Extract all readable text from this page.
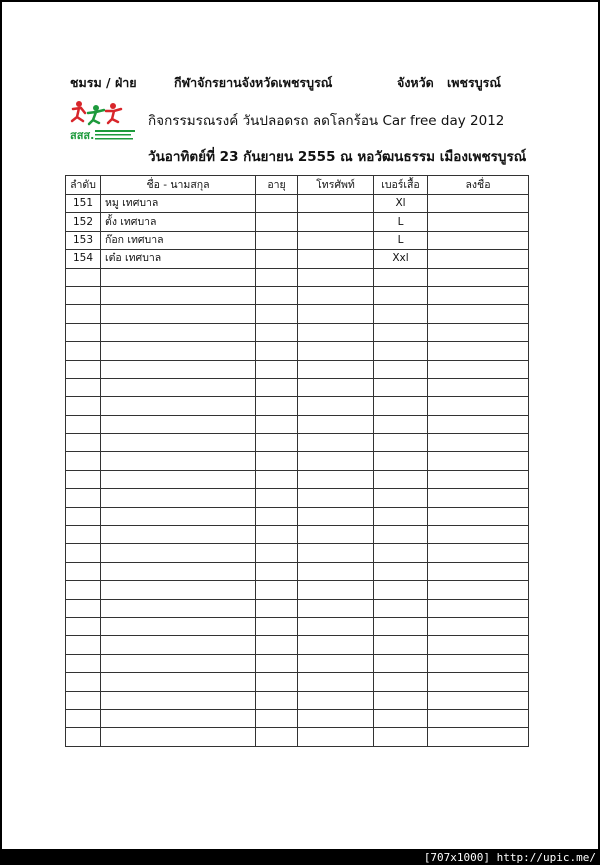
ชมรม / ฝ่าย	กีฬาจักรยานจังหวัดเพชรบูรณ์	จังหวัด เพชรบูรณ์
สสส.
กิจกรรมรณรงค์ วันปลอดรถ ลดโลกร้อน Car free day 2012
วันอาทิตย์ที่ 23 กันยายน 2555 ณ หอวัฒนธรรม เมืองเพชรบูรณ์
ลำดับ	ชื่อ - นามสกุล	อายุ	โทรศัพท์	เบอร์เสื้อ	ลงชื่อ
151	หมู เทศบาล			Xl	
152	ตั้ง เทศบาล			L	
153	ก๊อก เทศบาล			L	
154	เต๋อ เทศบาล			Xxl	

[707x1000] http://upic.me/
